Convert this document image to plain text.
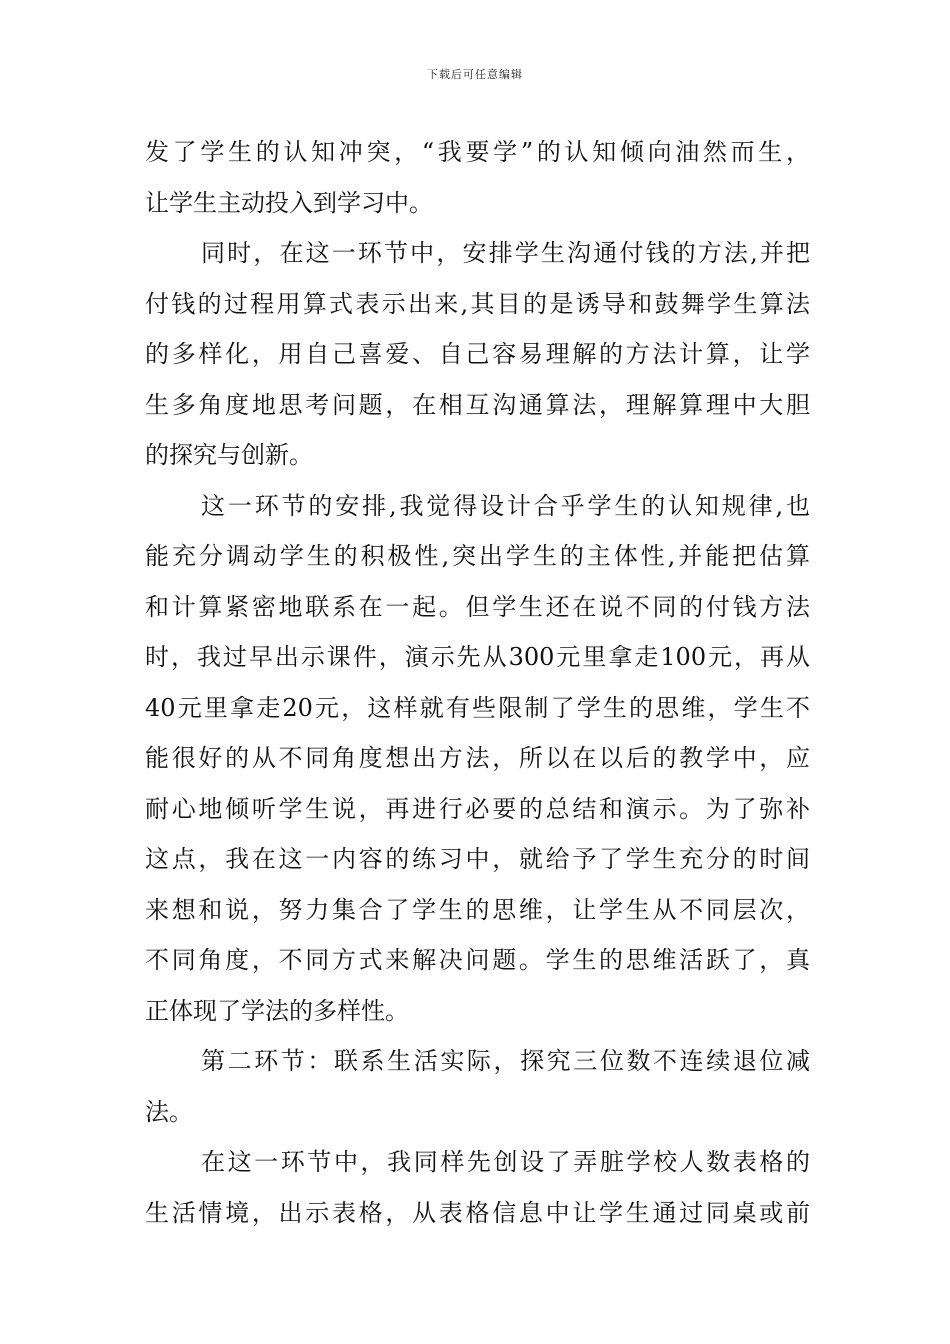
下载后可任意编辑
发了学生的认知冲突，“我要学”的认知倾向油然而生，
让学生主动投入到学习中。
同时，在这一环节中，安排学生沟通付钱的方法,并把
付钱的过程用算式表示出来,其目的是诱导和鼓舞学生算法
的多样化，用自己喜爱、自己容易理解的方法计算，让学
生多角度地思考问题，在相互沟通算法，理解算理中大胆
的探究与创新。
这一环节的安排,我觉得设计合乎学生的认知规律,也
能充分调动学生的积极性,突出学生的主体性,并能把估算
和计算紧密地联系在一起。但学生还在说不同的付钱方法
时，我过早出示课件，演示先从300元里拿走100元，再从
40元里拿走20元，这样就有些限制了学生的思维，学生不
能很好的从不同角度想出方法，所以在以后的教学中，应
耐心地倾听学生说，再进行必要的总结和演示。为了弥补
这点，我在这一内容的练习中，就给予了学生充分的时间
来想和说，努力集合了学生的思维，让学生从不同层次，
不同角度，不同方式来解决问题。学生的思维活跃了，真
正体现了学法的多样性。
第二环节：联系生活实际，探究三位数不连续退位减
法。
在这一环节中，我同样先创设了弄脏学校人数表格的
生活情境，出示表格，从表格信息中让学生通过同桌或前
